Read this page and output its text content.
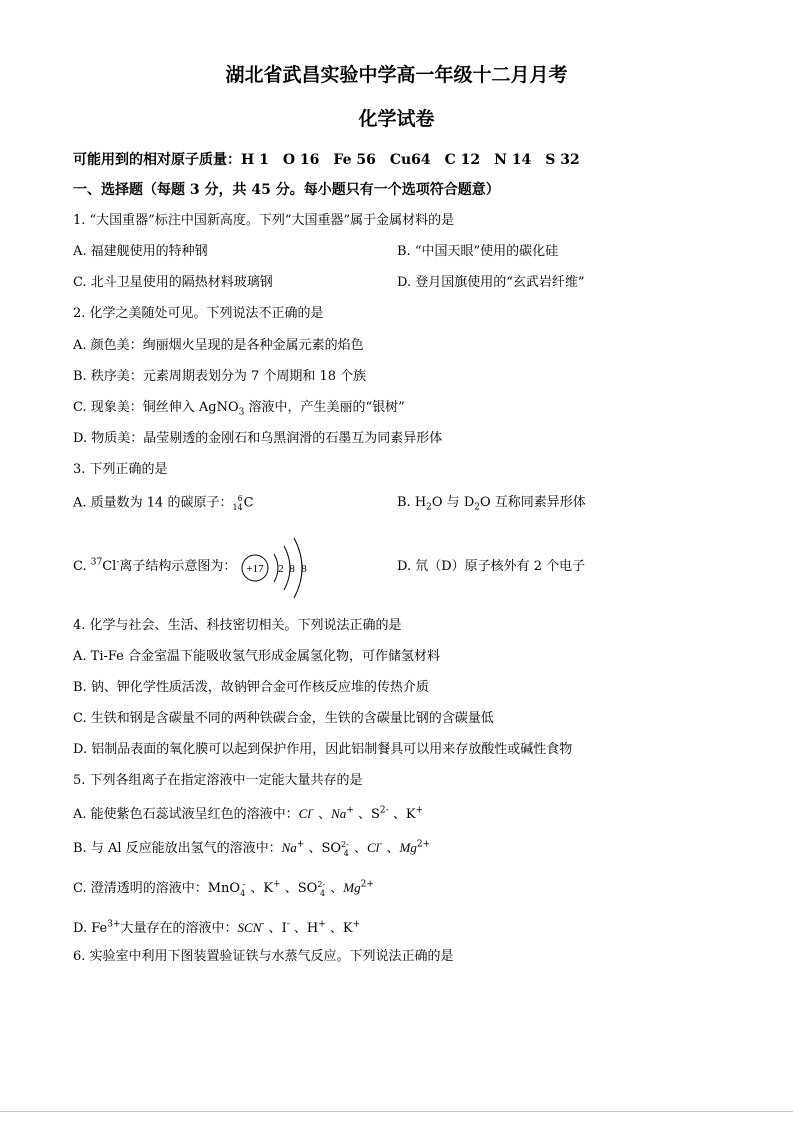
湖北省武昌实验中学高一年级十二月月考
化学试卷
可能用到的相对原子质量：H 1　O 16　Fe 56　Cu64　C 12　N 14　S 32
一、选择题（每题 3 分，共 45 分。每小题只有一个选项符合题意）
1. “大国重器”标注中国新高度。下列“大国重器”属于金属材料的是
A. 福建舰使用的特种钢	B. “中国天眼”使用的碳化硅
C. 北斗卫星使用的隔热材料玻璃钢	D. 登月国旗使用的“玄武岩纤维”
2. 化学之美随处可见。下列说法不正确的是
A. 颜色美：绚丽烟火呈现的是各种金属元素的焰色
B. 秩序美：元素周期表划分为 7 个周期和 18 个族
C. 现象美：铜丝伸入 AgNO$_3$ 溶液中，产生美丽的“银树”
D. 物质美：晶莹剔透的金刚石和乌黑润滑的石墨互为同素异形体
3. 下列正确的是
A. 质量数为 14 的碳原子： 6
14C	B. $H_2O$ 与 $D_2O$ 互称同素异形体
C. $^{37}$Cl-离子结构示意图为： +17 2 8 8	D. 氘（D）原子核外有 2 个电子
4. 化学与社会、生活、科技密切相关。下列说法正确的是
A. Ti-Fe 合金室温下能吸收氢气形成金属氢化物，可作储氢材料
B. 钠、钾化学性质活泼，故钠钾合金可作核反应堆的传热介质
C. 生铁和钢是含碳量不同的两种铁碳合金，生铁的含碳量比钢的含碳量低
D. 铝制品表面的氧化膜可以起到保护作用，因此铝制餐具可以用来存放酸性或碱性食物
5. 下列各组离子在指定溶液中一定能大量共存的是
A. 能使紫色石蕊试液呈红色的溶液中：Cl- 、Na+ 、$S^{2-}$ 、K+
B. 与 Al 反应能放出氢气的溶液中：Na+ 、SO2-
4 、Cl- 、$Mg^{2+}$
C. 澄清透明的溶液中：MnO -
4 、K+ 、SO2-
4 、$Mg^{2+}$
D. $Fe^{3+}$大量存在的溶液中：SCN- 、I- 、H+ 、K+
6. 实验室中利用下图装置验证铁与水蒸气反应。下列说法正确的是
